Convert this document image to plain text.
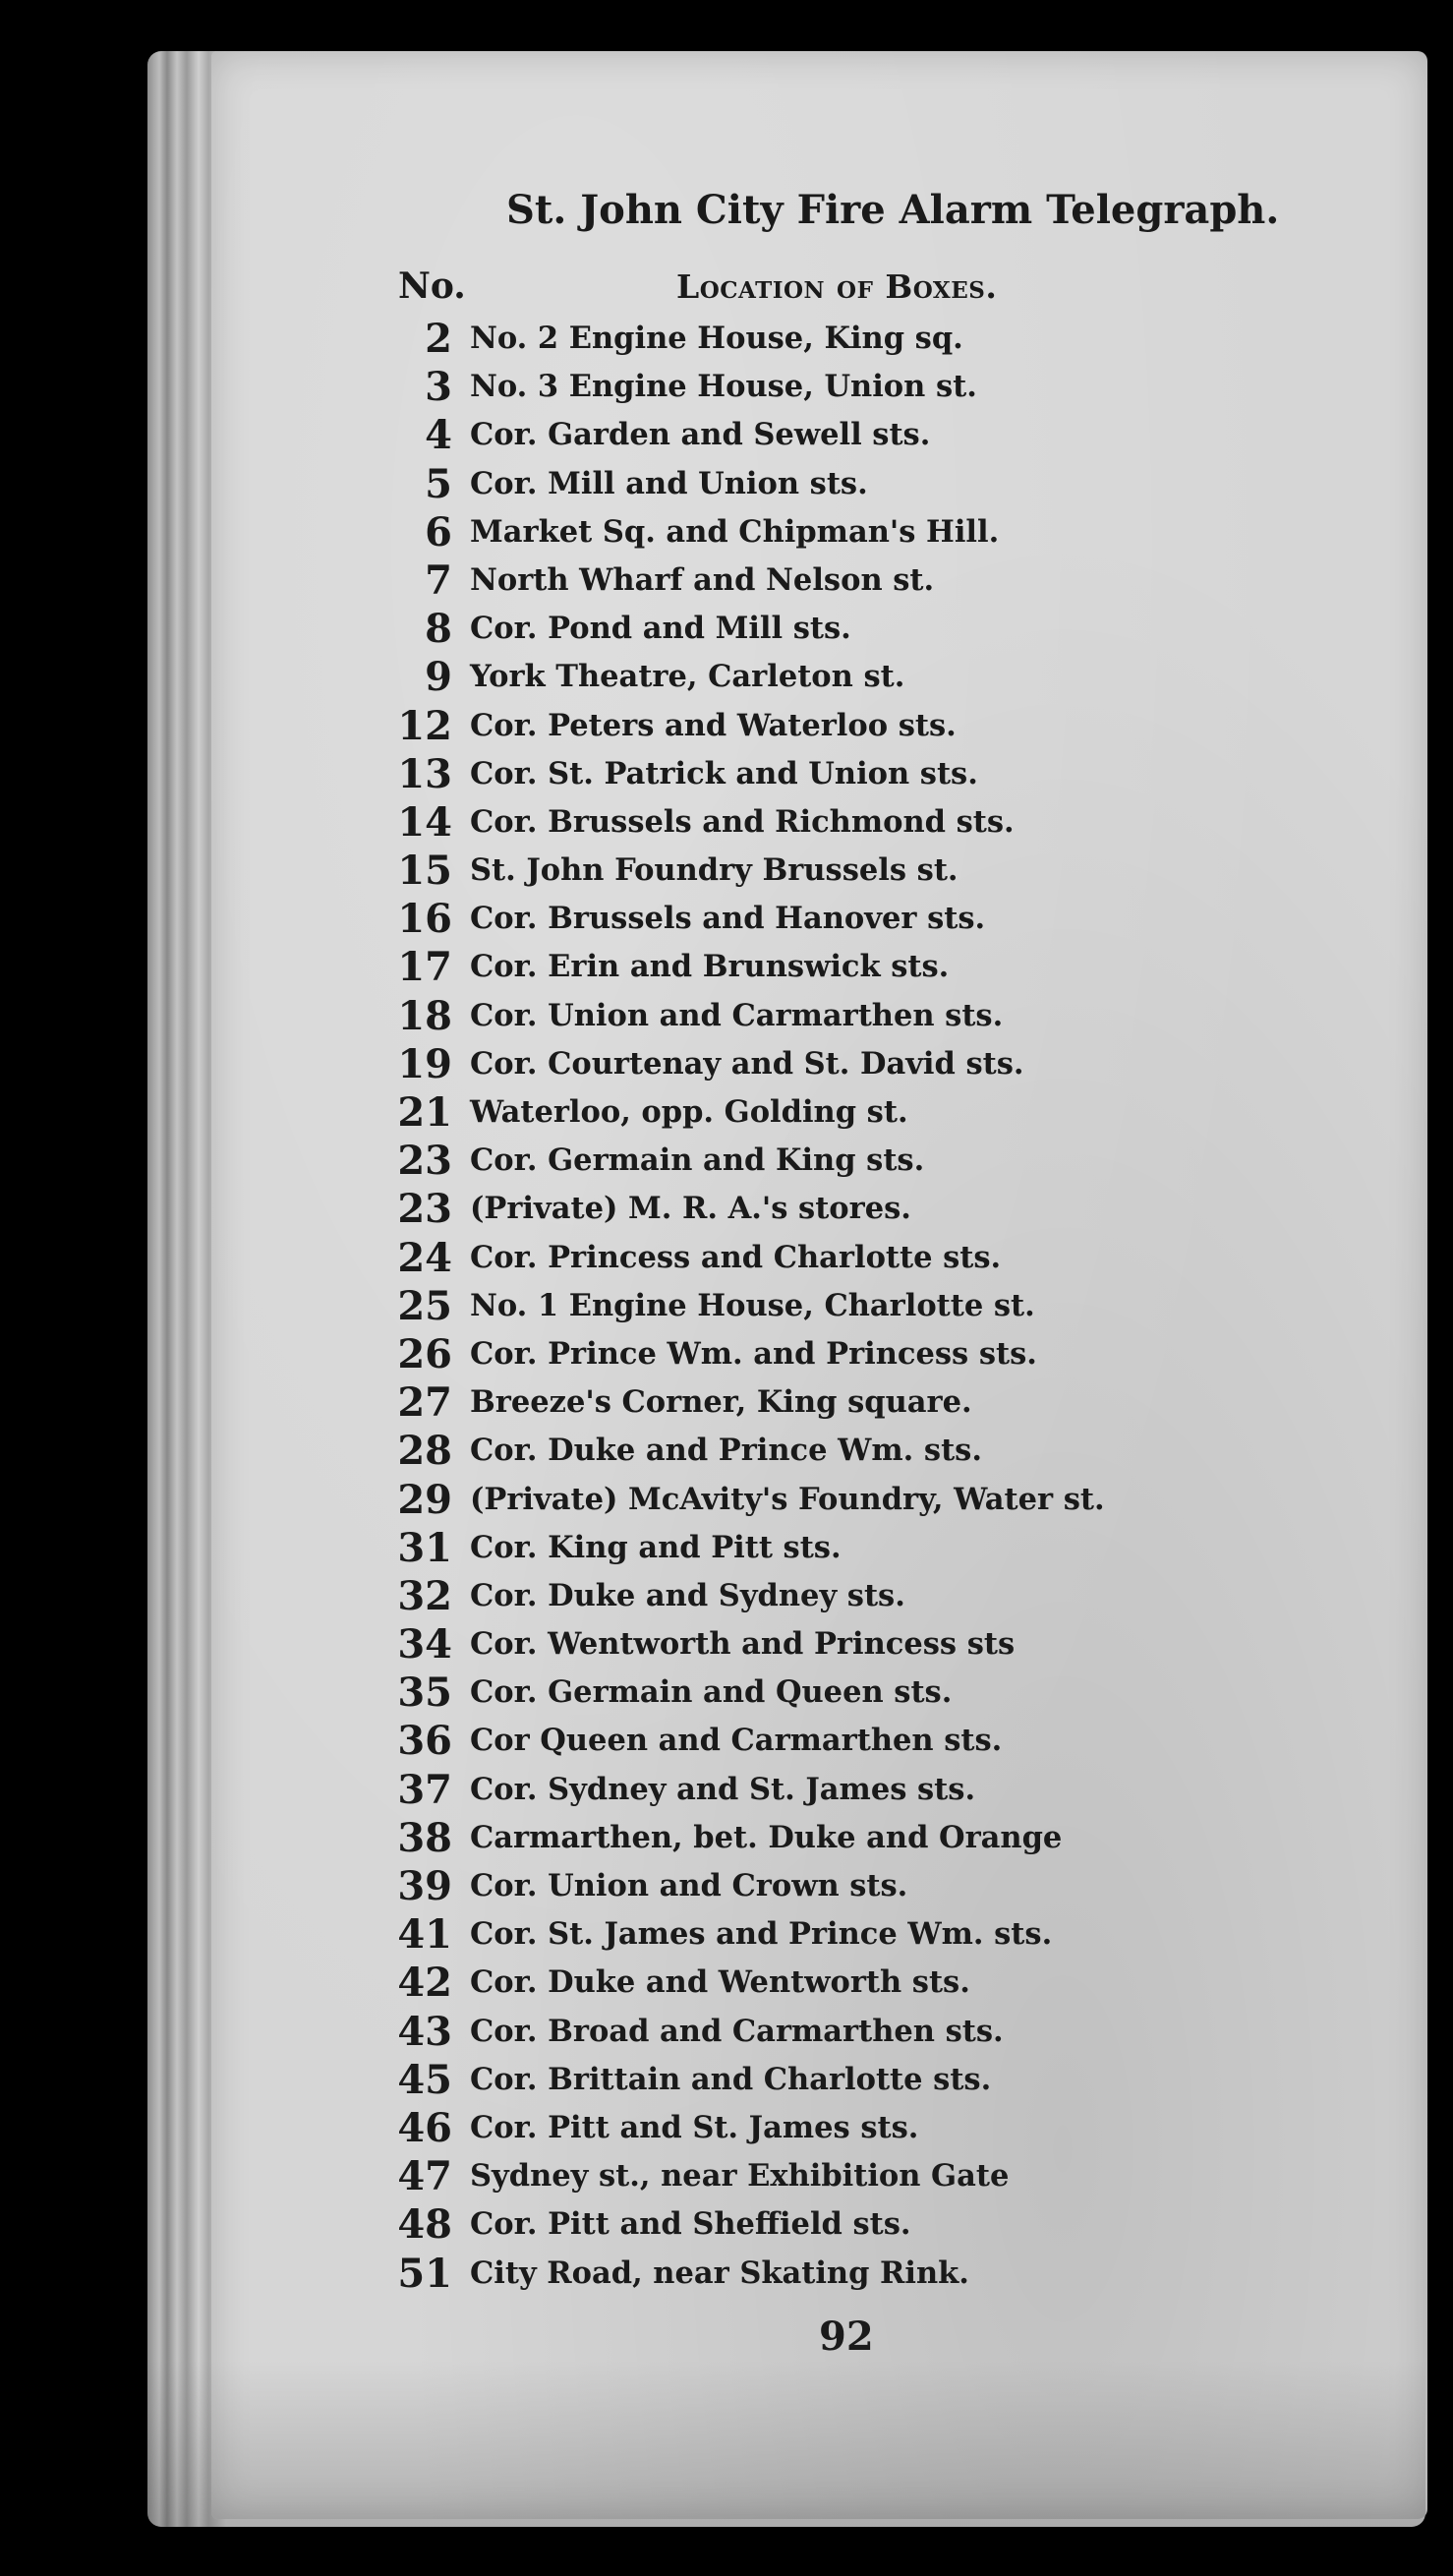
St. John City Fire Alarm Telegraph.
No.	Location of Boxes.
2 No. 2 Engine House, King sq.
3 No. 3 Engine House, Union st.
4 Cor. Garden and Sewell sts.
5 Cor. Mill and Union sts.
6 Market Sq. and Chipman's Hill.
7 North Wharf and Nelson st.
8 Cor. Pond and Mill sts.
9 York Theatre, Carleton st.
12 Cor. Peters and Waterloo sts.
13 Cor. St. Patrick and Union sts.
14 Cor. Brussels and Richmond sts.
15 St. John Foundry Brussels st.
16 Cor. Brussels and Hanover sts.
17 Cor. Erin and Brunswick sts.
18 Cor. Union and Carmarthen sts.
19 Cor. Courtenay and St. David sts.
21 Waterloo, opp. Golding st.
23 Cor. Germain and King sts.
23 (Private) M. R. A.'s stores.
24 Cor. Princess and Charlotte sts.
25 No. 1 Engine House, Charlotte st.
26 Cor. Prince Wm. and Princess sts.
27 Breeze's Corner, King square.
28 Cor. Duke and Prince Wm. sts.
29 (Private) McAvity's Foundry, Water st.
31 Cor. King and Pitt sts.
32 Cor. Duke and Sydney sts.
34 Cor. Wentworth and Princess sts
35 Cor. Germain and Queen sts.
36 Cor Queen and Carmarthen sts.
37 Cor. Sydney and St. James sts.
38 Carmarthen, bet. Duke and Orange
39 Cor. Union and Crown sts.
41 Cor. St. James and Prince Wm. sts.
42 Cor. Duke and Wentworth sts.
43 Cor. Broad and Carmarthen sts.
45 Cor. Brittain and Charlotte sts.
46 Cor. Pitt and St. James sts.
47 Sydney st., near Exhibition Gate
48 Cor. Pitt and Sheffield sts.
51 City Road, near Skating Rink.
92
